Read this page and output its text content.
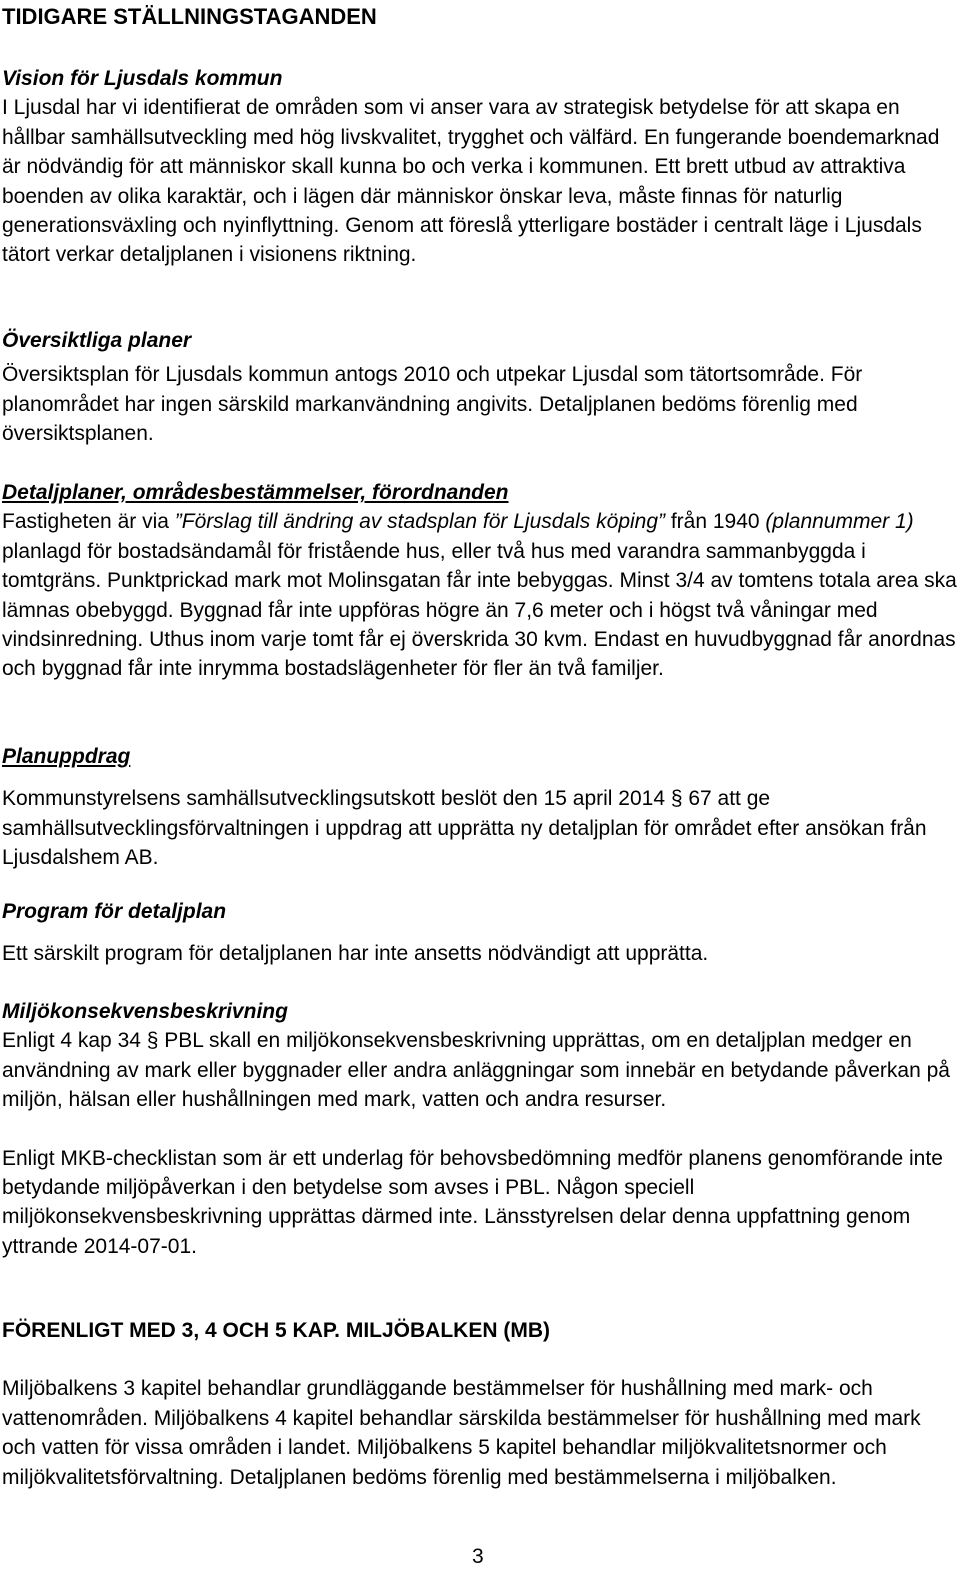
TIDIGARE STÄLLNINGSTAGANDEN
Vision för Ljusdals kommun

I Ljusdal har vi identifierat de områden som vi anser vara av strategisk betydelse för att skapa en hållbar samhällsutveckling med hög livskvalitet, trygghet och välfärd. En fungerande boendemarknad är nödvändig för att människor skall kunna bo och verka i kommunen. Ett brett utbud av attraktiva boenden av olika karaktär, och i lägen där människor önskar leva, måste finnas för naturlig generationsväxling och nyinflyttning. Genom att föreslå ytterligare bostäder i centralt läge i Ljusdals tätort verkar detaljplanen i visionens riktning.

Översiktliga planer

Översiktsplan för Ljusdals kommun antogs 2010 och utpekar Ljusdal som tätortsområde. För planområdet har ingen särskild markanvändning angivits. Detaljplanen bedöms förenlig med översiktsplanen.

Detaljplaner, områdesbestämmelser, förordnanden

Fastigheten är via ”Förslag till ändring av stadsplan för Ljusdals köping” från 1940 (plannummer 1) planlagd för bostadsändamål för fristående hus, eller två hus med varandra sammanbyggda i tomtgräns. Punktprickad mark mot Molinsgatan får inte bebyggas. Minst 3/4 av tomtens totala area ska lämnas obebyggd. Byggnad får inte uppföras högre än 7,6 meter och i högst två våningar med vindsinredning. Uthus inom varje tomt får ej överskrida 30 kvm. Endast en huvudbyggnad får anordnas och byggnad får inte inrymma bostadslägenheter för fler än två familjer.

Planuppdrag

Kommunstyrelsens samhällsutvecklingsutskott beslöt den 15 april 2014 § 67 att ge samhällsutvecklingsförvaltningen i uppdrag att upprätta ny detaljplan för området efter ansökan från Ljusdalshem AB.

Program för detaljplan

Ett särskilt program för detaljplanen har inte ansetts nödvändigt att upprätta.

Miljökonsekvensbeskrivning

Enligt 4 kap 34 § PBL skall en miljökonsekvensbeskrivning upprättas, om en detaljplan medger en användning av mark eller byggnader eller andra anläggningar som innebär en betydande påverkan på miljön, hälsan eller hushållningen med mark, vatten och andra resurser.

Enligt MKB-checklistan som är ett underlag för behovsbedömning medför planens genomförande inte betydande miljöpåverkan i den betydelse som avses i PBL. Någon speciell miljökonsekvensbeskrivning upprättas därmed inte. Länsstyrelsen delar denna uppfattning genom yttrande 2014-07-01.

FÖRENLIGT MED 3, 4 OCH 5 KAP. MILJÖBALKEN (MB)

Miljöbalkens 3 kapitel behandlar grundläggande bestämmelser för hushållning med mark- och vattenområden. Miljöbalkens 4 kapitel behandlar särskilda bestämmelser för hushållning med mark och vatten för vissa områden i landet. Miljöbalkens 5 kapitel behandlar miljökvalitetsnormer och miljökvalitetsförvaltning. Detaljplanen bedöms förenlig med bestämmelserna i miljöbalken.

3
